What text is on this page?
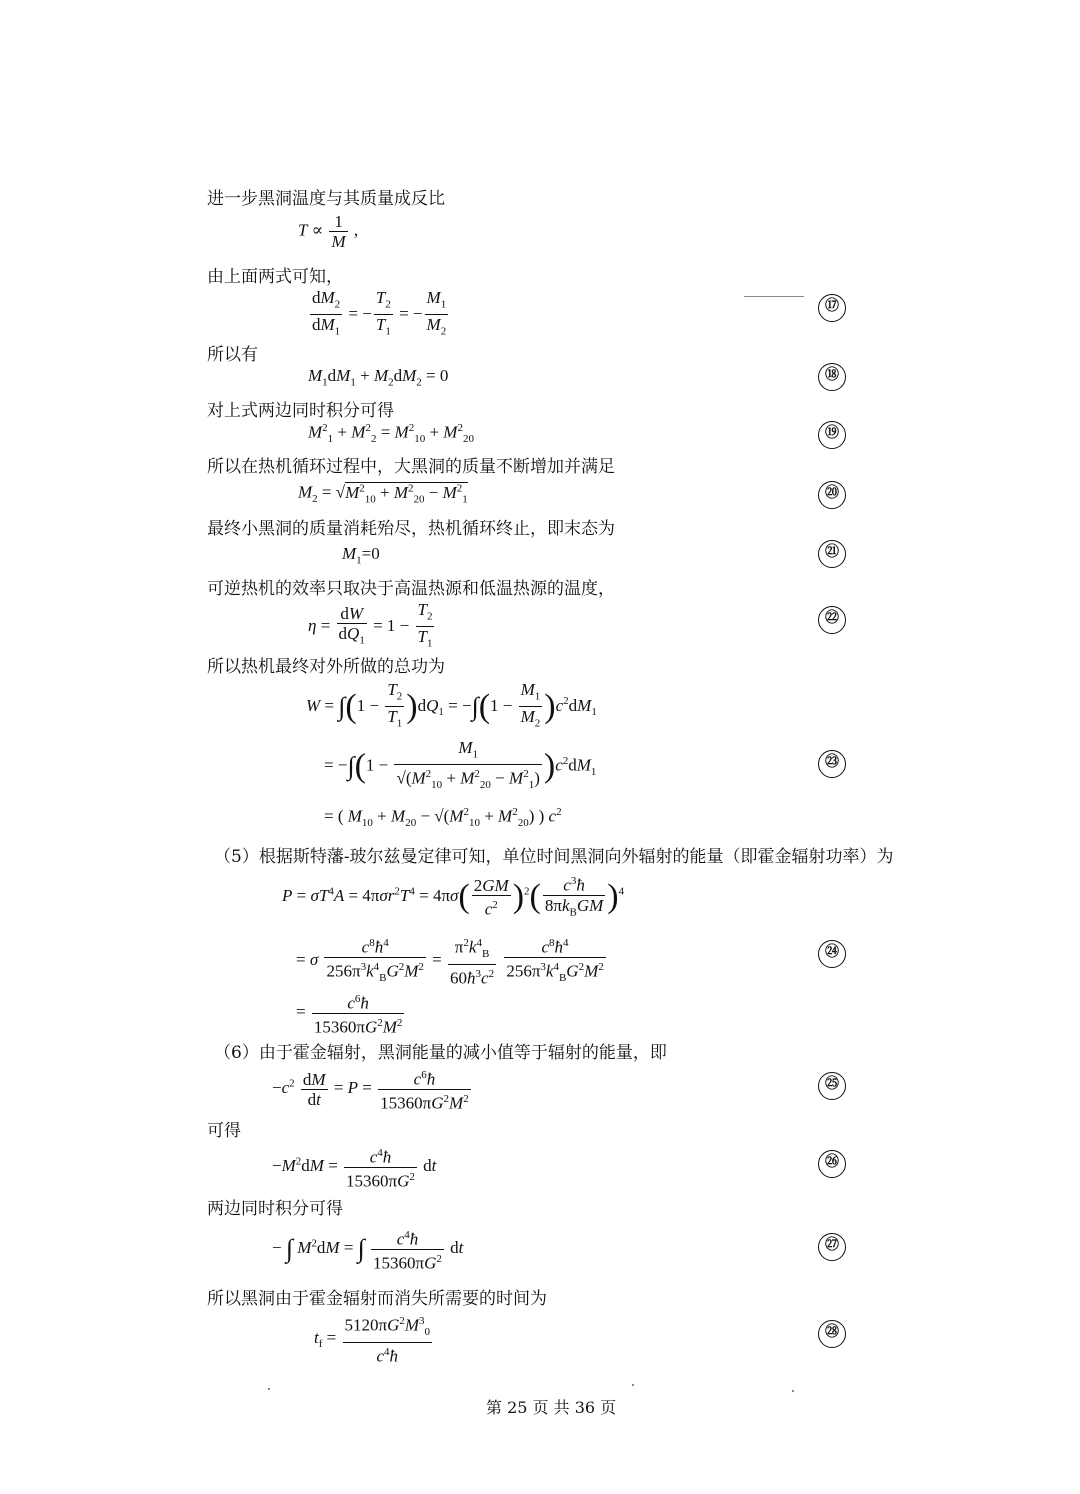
进一步黑洞温度与其质量成反比
由上面两式可知，
所以有
对上式两边同时积分可得
所以在热机循环过程中，大黑洞的质量不断增加并满足
最终小黑洞的质量消耗殆尽，热机循环终止，即末态为
可逆热机的效率只取决于高温热源和低温热源的温度，
所以热机最终对外所做的总功为
（5）根据斯特藩-玻尔兹曼定律可知，单位时间黑洞向外辐射的能量（即霍金辐射功率）为
（6）由于霍金辐射，黑洞能量的减小值等于辐射的能量，即
可得
两边同时积分可得
所以黑洞由于霍金辐射而消失所需要的时间为
$T \propto \frac{1}{M}$ ,
$\frac{dM_2}{dM_1}$ = − $\frac{T_2}{T_1}$ = − $\frac{M_1}{M_2}$
$M_1dM_1 + M_2dM_2 = 0$
$M^2_1 + M^2_2 = M^2_{10} + M^2_{20}$
$M_2 = √M^2_{10} + M^2_{20} - M^2_1$
$M_1=0$
$\eta = \frac{dW}{dQ_1} = 1 - \frac{T_2}{T_1}$
$W = \int(1 - \frac{T_2}{T_1} )dQ_1 = -\int(1 - \frac{M_1}{M_2} )c^2dM_1$
= $-\int(1 - \frac{M_1}{√(M^2_{10} + M^2_{20} - M^2_1)} )c^2dM_1$
= ( $M_{10} + M_{20} - √(M^2_{10} + M^2_{20})$ ) $c^2$
$P = \sigma T^4A = 4\pi\sigma r^2T^4 = 4\pi\sigma( \frac{2GM}{c^2} )^2( \frac{c^3ħ}{8\pi k_BGM} )^4$
= σ $\frac{c^8ħ^4}{256\pi^3k^4_BG^2M^2} = \frac{\pi^2k^4_B}{60ħ^3c^2}$
$\frac{c^8ħ^4}{256\pi^3k^4_BG^2M^2}$
= $\frac{c^6ħ}{15360\pi G^2M^2}$
$-c^2 \frac{dM}{dt} = P = \frac{c^6ħ}{15360\pi G^2M^2}$
$-M^2dM = \frac{c^4ħ}{15360\pi G^2}$ dt
− ∫ $M^2dM$ = ∫ $\frac{c^4ħ}{15360\pi G^2}$ dt
$t_f = \frac{5120\pi G^2M^3_0}{c^4ħ}$
⑰
⑱
⑲
⑳
㉑
㉒
㉓
㉔
㉕
㉖
㉗
㉘
第 25 页 共 36 页
